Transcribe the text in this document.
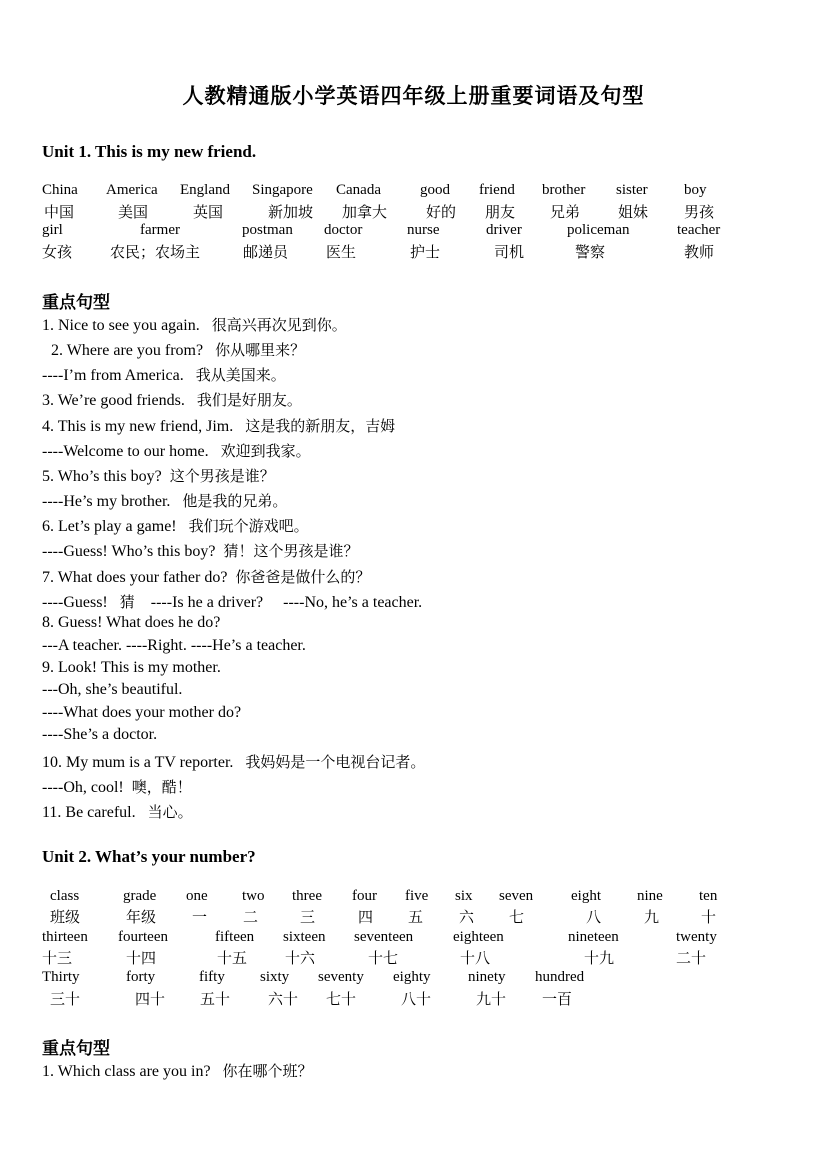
人教精通版小学英语四年级上册重要词语及句型
Unit 1. This is my new friend.
China America England Singapore Canada	good friend brother sister boy
中国	美国	英国	新加坡 加拿大	好的 朋友 兄弟	姐妹 男孩
girl	farmer	postman doctor	nurse	driver	policeman	teacher
女孩	农民；农场主	邮递员	医生	护士	司机	警察	教师
重点句型
1. Nice to see you again. 很高兴再次见到你。
2. Where are you from? 你从哪里来？
----I’m from America. 我从美国来。
3. We’re good friends. 我们是好朋友。
4. This is my new friend, Jim. 这是我的新朋友，吉姆
----Welcome to our home. 欢迎到我家。
5. Who’s this boy? 这个男孩是谁？
----He’s my brother. 他是我的兄弟。
6. Let’s play a game! 我们玩个游戏吧。
----Guess! Who’s this boy? 猜！这个男孩是谁？
7. What does your father do? 你爸爸是做什么的？
----Guess! 猜 ----Is he a driver? ----No, he’s a teacher.
8. Guess! What does he do?
---A teacher. ----Right. ----He’s a teacher.
9. Look! This is my mother.
---Oh, she’s beautiful.
----What does your mother do?
----She’s a doctor.
10. My mum is a TV reporter. 我妈妈是一个电视台记者。
----Oh, cool! 噢，酷！
11. Be careful. 当心。
Unit 2. What’s your number?
class	grade one two three four five six seven	eight nine ten
班级	年级 一 二	三	四 五 六 七	八	九	十
thirteen fourteen	fifteen sixteen seventeen	eighteen	nineteen	twenty
十三	十四	十五	十六	十七	十八	十九	二十
Thirty	forty	fifty sixty seventy eighty	ninety hundred
三十	四十 五十	六十 七十	八十	九十 一百
重点句型
1. Which class are you in? 你在哪个班？
